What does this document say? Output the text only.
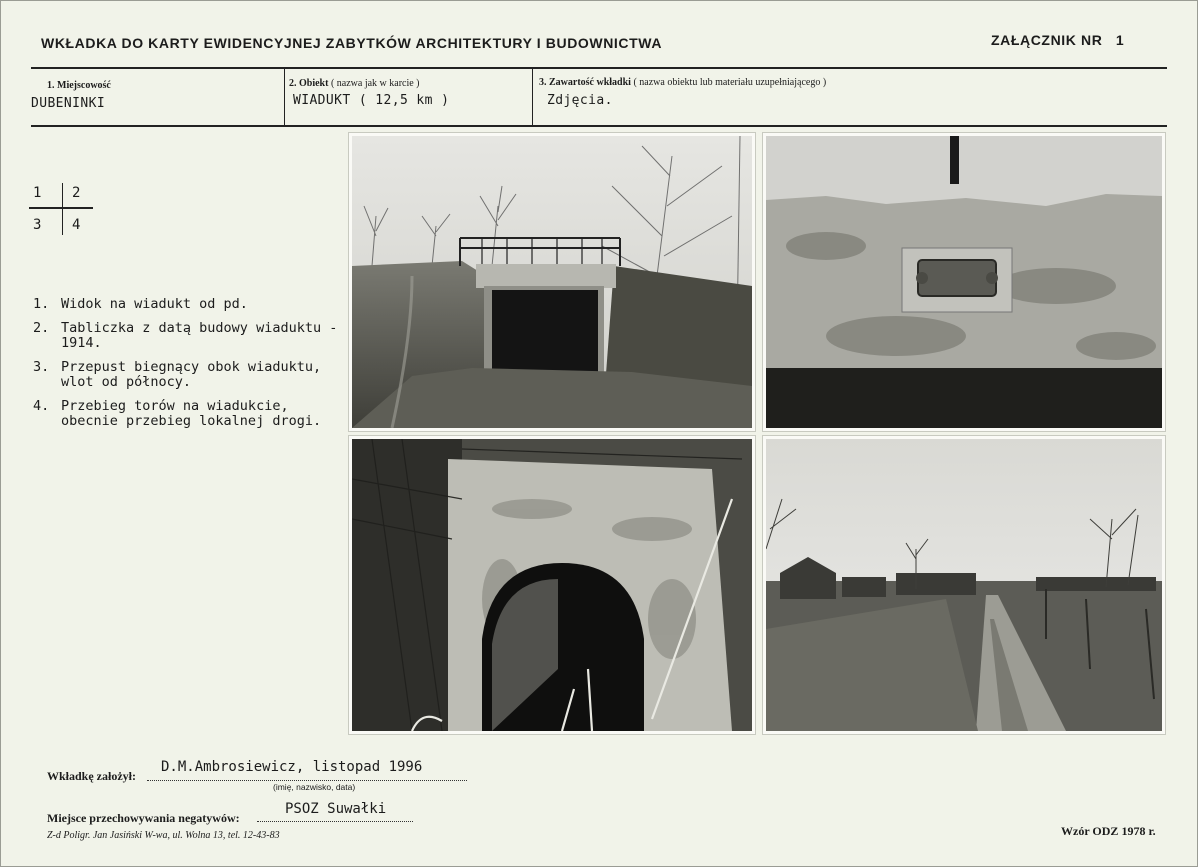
WKŁADKA DO KARTY EWIDENCYJNEJ ZABYTKÓW ARCHITEKTURY I BUDOWNICTWA	ZAŁĄCZNIK NR 1
1. Miejscowość
DUBENINKI
2. Obiekt ( nazwa jak w karcie )
WIADUKT ( 12,5 km )
3. Zawartość wkładki ( nazwa obiektu lub materiału uzupełniającego )
Zdjęcia.
1 2
3 4
1. Widok na wiadukt od pd.
2. Tabliczka z datą budowy wiaduktu - 1914.
3. Przepust biegnący obok wiaduktu, wlot od północy.
4. Przebieg torów na wiadukcie, obecnie przebieg lokalnej drogi.
Wkładkę założył:
D.M.Ambrosiewicz, listopad 1996
(imię, nazwisko, data)
Miejsce przechowywania negatywów:
PSOZ Suwałki
Z-d Poligr. Jan Jasiński W-wa, ul. Wolna 13, tel. 12-43-83	Wzór ODZ 1978 r.
